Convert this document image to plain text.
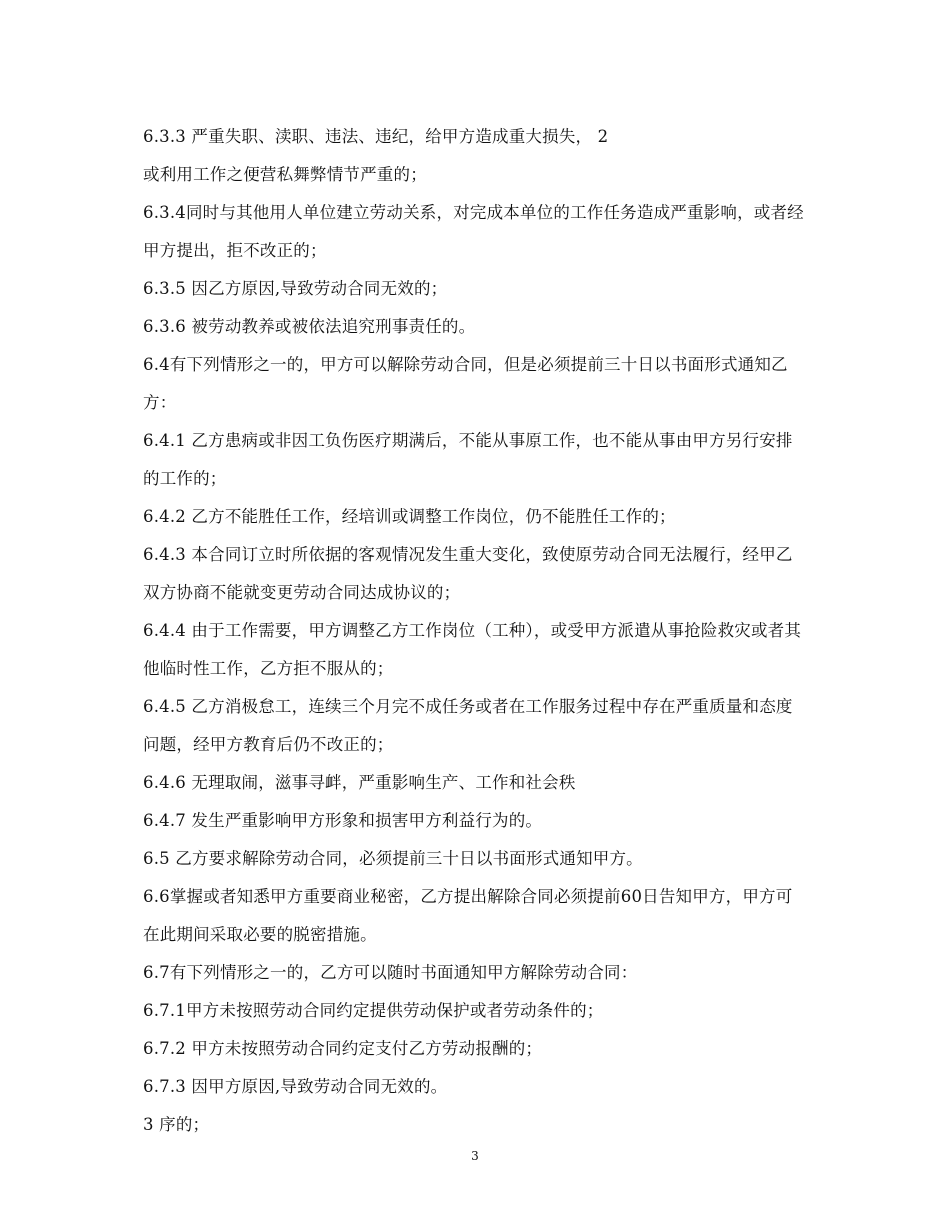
6.3.3 严重失职、渎职、违法、违纪，给甲方造成重大损失， 2

或利用工作之便营私舞弊情节严重的；

6.3.4同时与其他用人单位建立劳动关系，对完成本单位的工作任务造成严重影响，或者经甲方提出，拒不改正的；

6.3.5 因乙方原因,导致劳动合同无效的；

6.3.6 被劳动教养或被依法追究刑事责任的。

6.4有下列情形之一的，甲方可以解除劳动合同，但是必须提前三十日以书面形式通知乙方：

6.4.1 乙方患病或非因工负伤医疗期满后，不能从事原工作，也不能从事由甲方另行安排的工作的；

6.4.2 乙方不能胜任工作，经培训或调整工作岗位，仍不能胜任工作的；

6.4.3 本合同订立时所依据的客观情况发生重大变化，致使原劳动合同无法履行，经甲乙双方协商不能就变更劳动合同达成协议的；

6.4.4 由于工作需要，甲方调整乙方工作岗位（工种），或受甲方派遣从事抢险救灾或者其他临时性工作，乙方拒不服从的；

6.4.5 乙方消极怠工，连续三个月完不成任务或者在工作服务过程中存在严重质量和态度问题，经甲方教育后仍不改正的；

6.4.6 无理取闹，滋事寻衅，严重影响生产、工作和社会秩

6.4.7 发生严重影响甲方形象和损害甲方利益行为的。

6.5 乙方要求解除劳动合同，必须提前三十日以书面形式通知甲方。

6.6掌握或者知悉甲方重要商业秘密，乙方提出解除合同必须提前60日告知甲方，甲方可在此期间采取必要的脱密措施。

6.7有下列情形之一的，乙方可以随时书面通知甲方解除劳动合同：

6.7.1甲方未按照劳动合同约定提供劳动保护或者劳动条件的；

6.7.2 甲方未按照劳动合同约定支付乙方劳动报酬的；

6.7.3 因甲方原因,导致劳动合同无效的。

3 序的；

3
